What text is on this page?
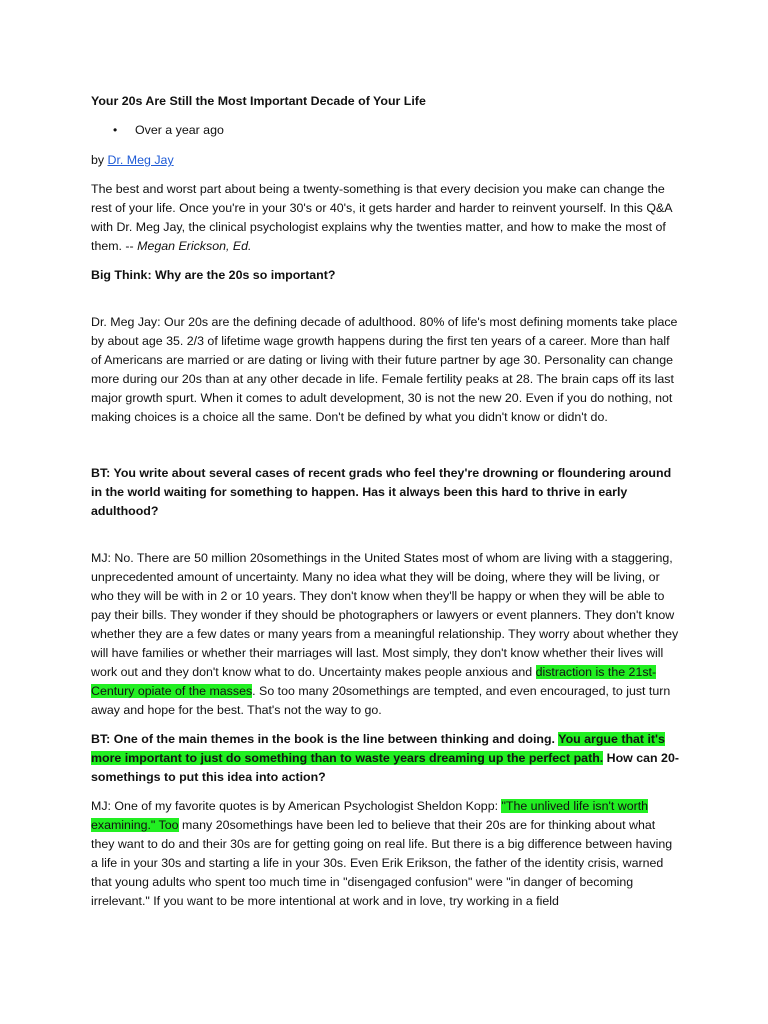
Your 20s Are Still the Most Important Decade of Your Life

•	Over a year ago

by Dr. Meg Jay

The best and worst part about being a twenty-something is that every decision you make can change the rest of your life. Once you're in your 30's or 40's, it gets harder and harder to reinvent yourself. In this Q&A with Dr. Meg Jay, the clinical psychologist explains why the twenties matter, and how to make the most of them. -- Megan Erickson, Ed.

Big Think: Why are the 20s so important?

Dr. Meg Jay: Our 20s are the defining decade of adulthood. 80% of life's most defining moments take place by about age 35. 2/3 of lifetime wage growth happens during the first ten years of a career. More than half of Americans are married or are dating or living with their future partner by age 30. Personality can change more during our 20s than at any other decade in life. Female fertility peaks at 28. The brain caps off its last major growth spurt. When it comes to adult development, 30 is not the new 20. Even if you do nothing, not making choices is a choice all the same. Don't be defined by what you didn't know or didn't do.

BT: You write about several cases of recent grads who feel they're drowning or floundering around in the world waiting for something to happen. Has it always been this hard to thrive in early adulthood?

MJ: No. There are 50 million 20somethings in the United States most of whom are living with a staggering, unprecedented amount of uncertainty. Many no idea what they will be doing, where they will be living, or who they will be with in 2 or 10 years. They don't know when they'll be happy or when they will be able to pay their bills. They wonder if they should be photographers or lawyers or event planners. They don't know whether they are a few dates or many years from a meaningful relationship. They worry about whether they will have families or whether their marriages will last. Most simply, they don't know whether their lives will work out and they don't know what to do. Uncertainty makes people anxious and distraction is the 21st-Century opiate of the masses. So too many 20somethings are tempted, and even encouraged, to just turn away and hope for the best. That's not the way to go.

BT: One of the main themes in the book is the line between thinking and doing. You argue that it's more important to just do something than to waste years dreaming up the perfect path. How can 20-somethings to put this idea into action?

MJ: One of my favorite quotes is by American Psychologist Sheldon Kopp: "The unlived life isn't worth examining." Too many 20somethings have been led to believe that their 20s are for thinking about what they want to do and their 30s are for getting going on real life. But there is a big difference between having a life in your 30s and starting a life in your 30s. Even Erik Erikson, the father of the identity crisis, warned that young adults who spent too much time in "disengaged confusion" were "in danger of becoming irrelevant." If you want to be more intentional at work and in love, try working in a field
